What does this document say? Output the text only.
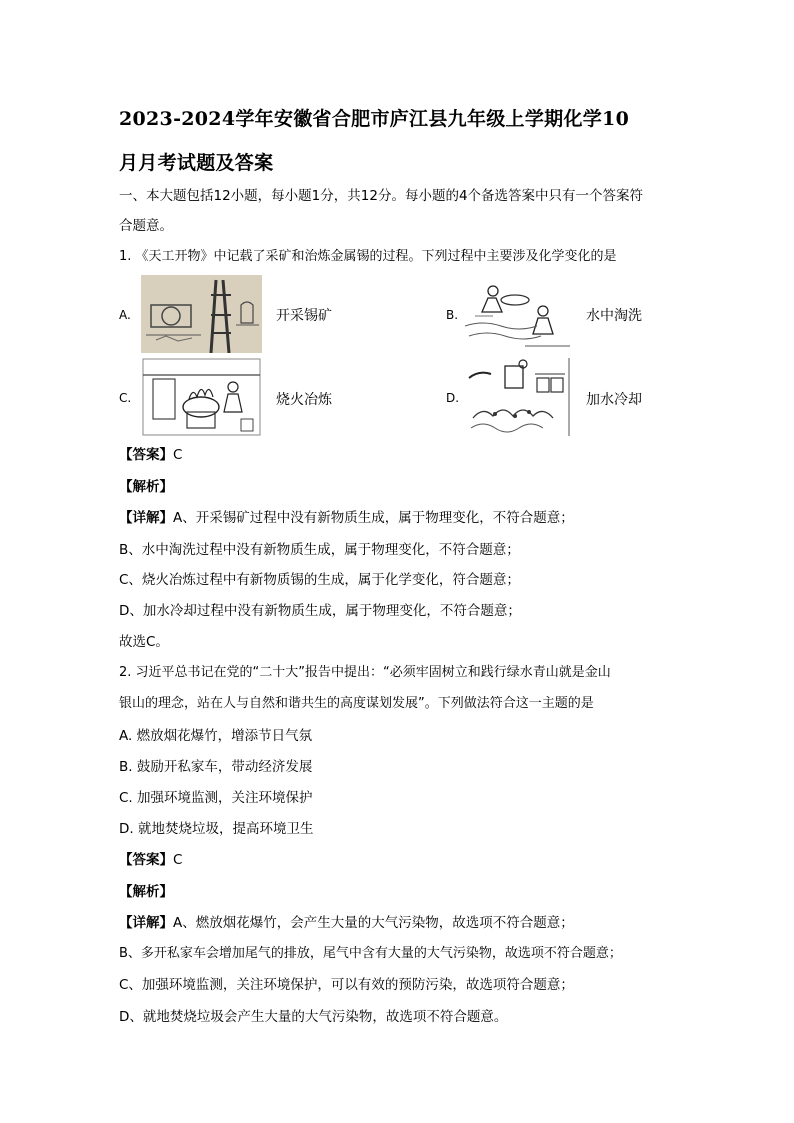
2023-2024学年安徽省合肥市庐江县九年级上学期化学10
月月考试题及答案
一、本大题包括12小题，每小题1分，共12分。每小题的4个备选答案中只有一个答案符
合题意。
1. 《天工开物》中记载了采矿和治炼金属锡的过程。下列过程中主要涉及化学变化的是
A.	开采锡矿	B.	水中淘洗
C.	烧火冶炼	D.	加水冷却
【答案】C
【解析】
【详解】A、开采锡矿过程中没有新物质生成，属于物理变化，不符合题意；
B、水中淘洗过程中没有新物质生成，属于物理变化，不符合题意；
C、烧火冶炼过程中有新物质锡的生成，属于化学变化，符合题意；
D、加水冷却过程中没有新物质生成，属于物理变化，不符合题意；
故选C。
2. 习近平总书记在党的“二十大”报告中提出：“必须牢固树立和践行绿水青山就是金山
银山的理念，站在人与自然和谐共生的高度谋划发展”。下列做法符合这一主题的是
A. 燃放烟花爆竹，增添节日气氛
B. 鼓励开私家车，带动经济发展
C. 加强环境监测，关注环境保护
D. 就地焚烧垃圾，提高环境卫生
【答案】C
【解析】
【详解】A、燃放烟花爆竹，会产生大量的大气污染物，故选项不符合题意；
B、多开私家车会增加尾气的排放，尾气中含有大量的大气污染物，故选项不符合题意；
C、加强环境监测，关注环境保护，可以有效的预防污染，故选项符合题意；
D、就地焚烧垃圾会产生大量的大气污染物，故选项不符合题意。
